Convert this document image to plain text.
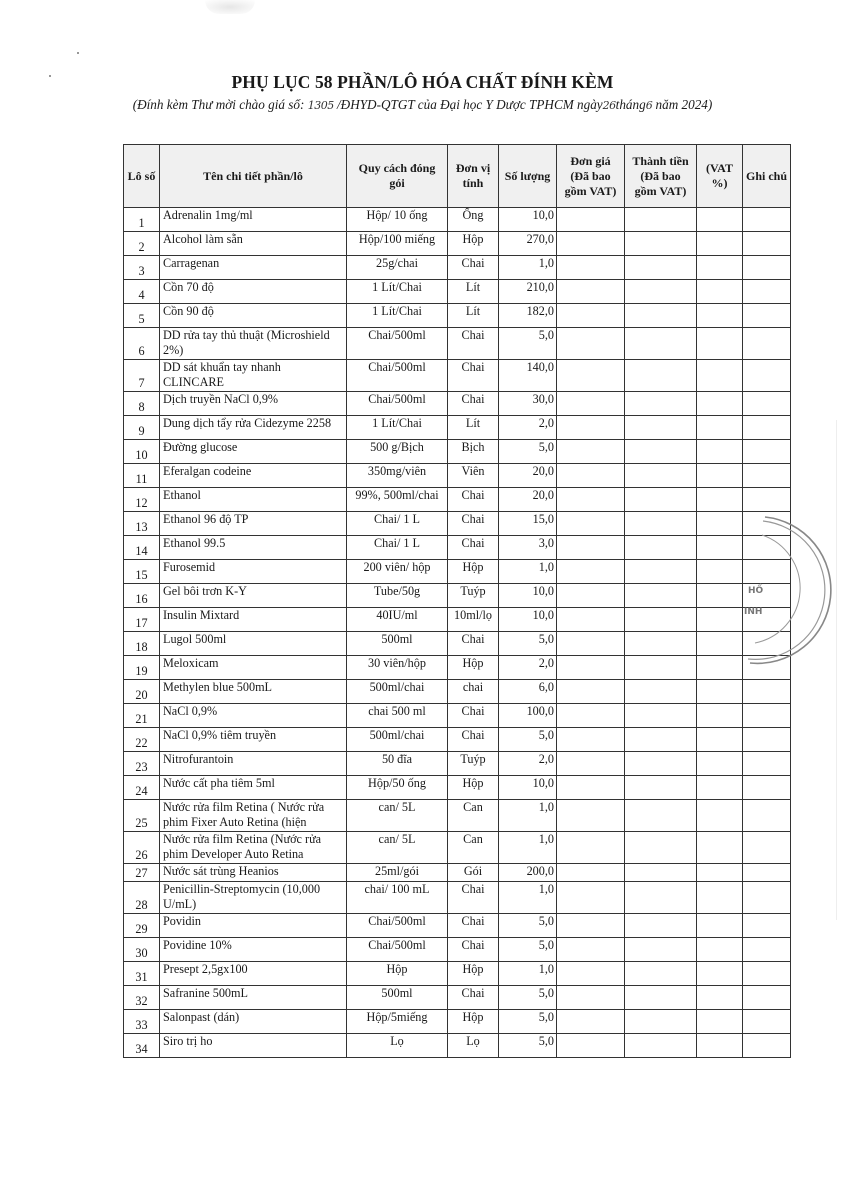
PHỤ LỤC 58 PHẦN/LÔ HÓA CHẤT ĐÍNH KÈM
(Đính kèm Thư mời chào giá số: 1305 /ĐHYD-QTGT của Đại học Y Dược TPHCM ngày26tháng6 năm 2024)
Lô số	Tên chi tiết phần/lô	Quy cách đóng gói	Đơn vị tính	Số lượng	Đơn giá (Đã bao gồm VAT)	Thành tiền (Đã bao gồm VAT)	(VAT %)	Ghi chú
1	Adrenalin 1mg/ml	Hộp/ 10 ống	Ống	10,0				
2	Alcohol làm sẵn	Hộp/100 miếng	Hộp	270,0				
3	Carragenan	25g/chai	Chai	1,0				
4	Cồn 70 độ	1 Lít/Chai	Lít	210,0				
5	Cồn 90 độ	1 Lít/Chai	Lít	182,0				
6	DD rửa tay thủ thuật (Microshield 2%)	Chai/500ml	Chai	5,0				
7	DD sát khuẩn tay nhanh CLINCARE	Chai/500ml	Chai	140,0				
8	Dịch truyền NaCl 0,9%	Chai/500ml	Chai	30,0				
9	Dung dịch tẩy rửa Cidezyme 2258	1 Lít/Chai	Lít	2,0				
10	Đường glucose	500 g/Bịch	Bịch	5,0				
11	Eferalgan codeine	350mg/viên	Viên	20,0				
12	Ethanol	99%, 500ml/chai	Chai	20,0				
13	Ethanol 96 độ TP	Chai/ 1 L	Chai	15,0				
14	Ethanol 99.5	Chai/ 1 L	Chai	3,0				
15	Furosemid	200 viên/ hộp	Hộp	1,0				
16	Gel bôi trơn K-Y	Tube/50g	Tuýp	10,0				
17	Insulin Mixtard	40IU/ml	10ml/lọ	10,0				
18	Lugol 500ml	500ml	Chai	5,0				
19	Meloxicam	30 viên/hộp	Hộp	2,0				
20	Methylen blue 500mL	500ml/chai	chai	6,0				
21	NaCl 0,9%	chai 500 ml	Chai	100,0				
22	NaCl 0,9% tiêm truyền	500ml/chai	Chai	5,0				
23	Nitrofurantoin	50 đĩa	Tuýp	2,0				
24	Nước cất pha tiêm 5ml	Hộp/50 ống	Hộp	10,0				
25	Nước rửa film Retina ( Nước rửa phim Fixer Auto Retina (hiện	can/ 5L	Can	1,0				
26	Nước rửa film Retina (Nước rửa phim Developer Auto Retina	can/ 5L	Can	1,0				
27	Nước sát trùng Heanios	25ml/gói	Gói	200,0				
28	Penicillin-Streptomycin (10,000 U/mL)	chai/ 100 mL	Chai	1,0				
29	Povidin	Chai/500ml	Chai	5,0				
30	Povidine 10%	Chai/500ml	Chai	5,0				
31	Presept 2,5gx100	Hộp	Hộp	1,0				
32	Safranine 500mL	500ml	Chai	5,0				
33	Salonpast (dán)	Hộp/5miếng	Hộp	5,0				
34	Siro trị ho	Lọ	Lọ	5,0				
HỒ
INH
